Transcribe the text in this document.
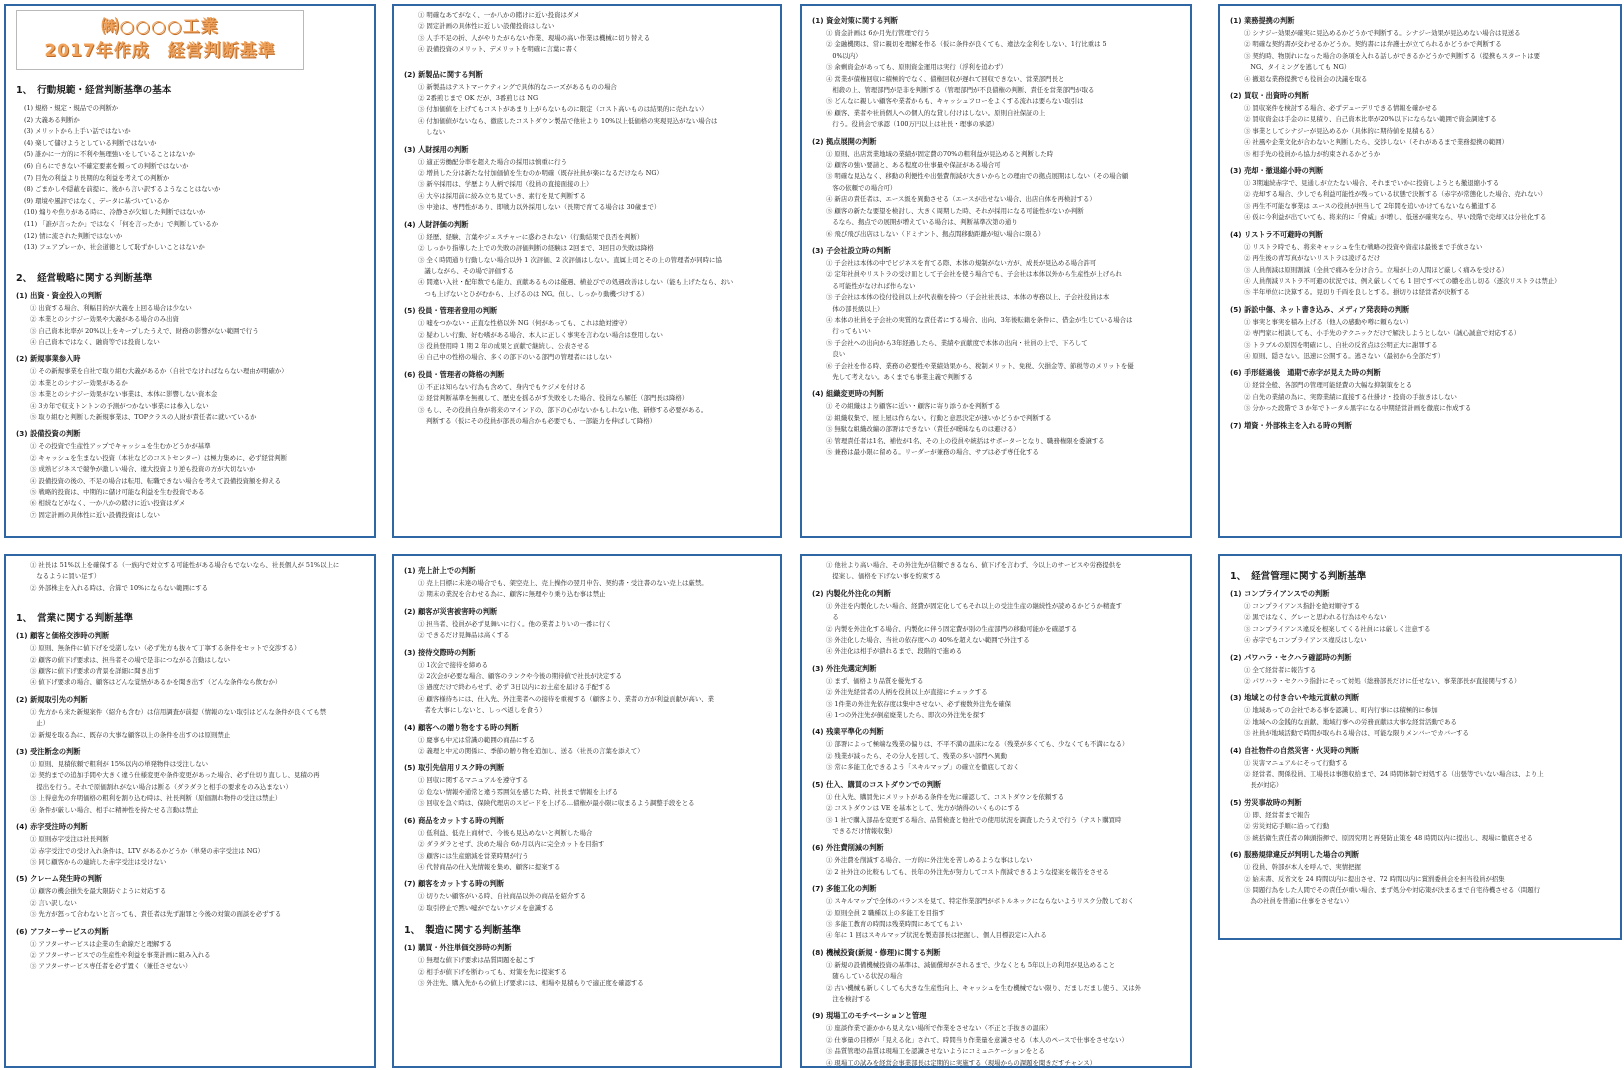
㈱○○○○工業
2017年作成　経営判断基準
1、　行動規範・経営判断基準の基本
(1) 規格・規定・規品での判断か
(2) 大義ある判断か
(3) メリットから上手い話ではないか
(4) 楽して儲けようとしている判断ではないか
(5) 誰かに一方的に不利や無理強いをしていることはないか
(6) 自らにできない不確定要素を頼っての判断ではないか
(7) 目先の利益より長期的な利益を考えての判断か
(8) ごまかしや隠蔽を前提に、後から言い訳するようなことはないか
(9) 環境や風評ではなく、データに基づいているか
(10) 煽りや焦りがある時に、冷静さが欠如した判断ではないか
(11) 「誰が言ったか」ではなく「何を言ったか」で判断しているか
(12) 情に流された判断ではないか
(13) フェアプレーか、社会道徳として恥ずかしいことはないか
2、　経営戦略に関する判断基準
(1) 出資・資金投入の判断
① 出資する場合、利幅目的が大義を上回る場合は少ない
② 本業とのシナジー効果や大義がある場合のみ出資
③ 自己資本比率が 20%以上をキープしたうえで、財務の影響がない範囲で行う
④ 自己資本ではなく、融資等では投資しない
(2) 新規事業参入時
① その新規事業を自社で取り組む大義があるか（自社でなければならない理由が明確か）
② 本業とのシナジー効果があるか
③ 本業とのシナジー効果がない事業は、本体に影響しない資本金
④ 3カ年で収支トントンの予測がつかない事業には参入しない
⑤ 取り組むと判断した新規事業は、TOPクラスの人財が責任者に就いているか
(3) 設備投資の判断
① その投資で生産性アップでキャッシュを生むかどうかが基準
② キャッシュを生まない投資（本社などのコストセンター）は極力集めに、必ず経営判断
③ 成熟ビジネスで競争が激しい場合、違大投資より逆も投資の方が大切ないか
④ 設備投資の後の、不足の場合は転用、転職できない場合を考えて設備投資額を抑える
⑤ 戦略的投資は、中期的に儲け可能な利益を生む投資である
⑥ 相続などがなく、一か八かの賭けに近い投資はダメ
⑦ 固定計画の具体性に近い設備投資はしない
① 明確なあてがなく、一か八かの賭けに近い投資はダメ
② 固定計画の具体性に近しい設備投資はしない
③ 人手不足の折、人がやりたがらない作業、現場の高い作業は機械に切り替える
④ 設備投資のメリット、デメリットを明確に言葉に書く
(2) 新製品に関する判断
① 新製品はテストマーケティングで具体的なニーズがあるものの場合
② 2番煎じまで OK だが、3番煎じは NG
③ 付加価値を上げてもコストがあまり上がらないものに限定（コスト高いものは結果的に売れない）
④ 付加価値がないなら、徹底したコストダウン製品で他社より 10%以上低価格の実現見込がない場合は
しない
(3) 人財採用の判断
① 適正労働配分率を超えた場合の採用は慎重に行う
② 増員した分は新たな付加価値を生むのか明確（既存社員が楽になるだけなら NG）
③ 新卒採用は、学歴より人柄で採用（役員の直接面接の上）
④ 大卒は採用前に絞み立ち見ていき、素行を見て判断する
⑤ 中途は、専門性があり、即戦力以外採用しない（長期で育てる場合は 30歳まで）
(4) 人財評価の判断
① 経歴、経験、言葉やジェスチャーに惑わされない（行動結果で良否を判断）
② しっかり指導した上での失敗の評価判断の経験は 2回まで、3回目の失敗は降格
③ 全く時間通り行動しない場合以外 1 次評価、2 次評価はしない。直属上司とその上の管理者が同時に協
　議しながら、その場で評価する
④ 間違い入社・配年数でも能力、貢献あるものは優遇、横並びでの処遇改善はしない（能も上げたなら、おい
　つも上げないとひがむから、上げるのは NG。但し、しっかり動機づけする）
(5) 役員・管理者登用の判断
① 嘘をつかない・正直な性格以外 NG（何があっても、これは絶対遵守）
② 疑わしい行動、好む嗜がある場合、本人に正しく事実を言わない場合は登用しない
③ 役員登用時 1 期 2 年の成果と貢献で継続し、公表させる
④ 自己中の性格の場合、多くの部下のいる部門の管理者にはしない
(6) 役員・管理者の降格の判断
① 不正は知らない行為も含めて、身内でもケジメを付ける
② 経営判断基準を無視して、歴史を揺るがす失敗をした場合、役員なら解任（部門長は降格）
③ もし、その役員自身が将来のマインドの、部下の心がないかもしれない他、研修する必要がある。
判断する（仮にその役員が部長の場合かも必要でも、一部能力を伸ばして降格）
(1) 資金対策に関する判断
① 資金計画は 6か月先行管理で行う
② 金融機関は、常に親切を理解を作る（仮に条件が良くても、違法な金利をしない、1行比重は 5
　0%以内）
③ 余剰資金があっても、原則資金運用は実行（浮利を追わず）
④ 営業が債権回収に積極的でなく、債権回収が遅れて回収できない、営業部門長と
　相殺の上、管理部門が是非を判断する（管理部門が不良債権の判断、責任を営業部門が取る
⑤ どんなに親しい顧客や業者からも、キャッシュフローをよくする流れは要らない取引は
⑥ 顧客、業者や社員個人への個人的な貸し付けはしない。原則自社保証の上
　行う。役員会で承認（100万円以上は社長・理事の承認）
(2) 拠点展開の判断
① 原則、出店営業地域の業績が固定費の70%の粗利益が見込めると判断した時
② 顧客の強い要請と、ある程度の仕事量や保証がある場合可
③ 明確な見込なく、移動の利便性や出張費削減が大きいからとの理由での拠点展開はしない（その場合顧
　客の依頼での場合可）
④ 新店の責任者は、エース級を異動させる（エースが出せない場合、出店自体を再検討する）
⑤ 顧客の新たな要望を検討し、大きく周期した時、それが採用になる可能性がないか判断
　るなら、拠点での展開が増えている場合は、判断基準次第の通り
⑥ 飛び飛び出店はしない（ドミナント、拠点間移動距離が短い場合に限る）
(3) 子会社設立時の判断
① 子会社は本体の中でビジネスを育てる際、本体の規制がない方が、成長が見込める場合許可
② 定年社員やリストラの受け皿として子会社を使う場合でも、子会社は本体以外から生産性が上げられ
　る可能性がなければ作らない
③ 子会社は本体の役付役員以上が代表権を持つ（子会社社長は、本体の専務以上、子会社役員は本
　体の部長級以上）
④ 本体の社員を子会社の実質的な責任者にする場合、出向、3年後転籍を条件に、借金が生じている場合は
　行ってもいい
⑤ 子会社への出向から3年経過したら、業績や貢献度で本体の出向・社員の上で、下ろして
　良い
⑥ 子会社を作る時、業務の必要性や業績効果から、税制メリット、免税、欠損金等、節税等のメリットを優
　先して考えない。あくまでも事業主義で判断する
(4) 組織変更時の判断
① その組織はより顧客に近い・顧客に寄り添うかを判断する
② 組織収集で、屋上屋は作らない。行動と意思決定が速いかどうかで判断する
③ 無駄な組織改編の部署はできない（責任が曖昧なものは避ける）
④ 管理責任者は1名、補佐が1名、その上の役員や統括はサポーターとなり、職務権限を委譲する
⑤ 兼務は最小限に留める。リーダーが兼務の場合、サブは必ず専任化する
(1) 業務提携の判断
① シナジー効果が確実に見込めるかどうかで判断する。シナジー効果が見込めない場合は見送る
② 明確な契約書が交わせるかどうか。契約書には弁護士が立てられるかどうかで判断する
③ 契約時、物別れになった場合の条項を入れる話しができるかどうかで判断する（提携もスタートは要
　NG、タイミングを逃しても NG）
④ 撤退な業務提携でも役員会の決議を取る
(2) 買収・出資時の判断
① 買収案件を検討する場合、必ずデューデリできる情報を確かせる
② 買収資金は手金のに見積り、自己資本比率が20%以下にならない範囲で資金調達する
③ 事業としてシナジーが見込めるか（具体的に期待値を見積もる）
④ 社風や企業文化が合わないと判断したら、交渉しない（それがあるまで業務提携の範囲）
⑤ 相手先の役員から協力が約束されるかどうか
(3) 売却・撤退縮小時の判断
① 3期連続赤字で、見通しが立たない場合、それまでいかに投資しようとも撤退縮小する
② 売却する場合、少しでも利益可能性が残っている状態で決断する（赤字が常態化した場合、売れない）
③ 再生不可能な事業は エースの役員が担当して 2年間を追いかけてもないなら撤退する
④ 仮に今利益が出ていても、将来的に「脅威」が増し、低迷が確実なら、早い段階で売却又は分社化する
(4) リストラ不可避時の判断
① リストラ時でも、将来キャッシュを生む戦略の投資や資産は最後まで手放さない
② 再生後の青写真がないリストラは凌げるだけ
③ 人員削減は原則割減（全員で痛みを分け合う。立場が上の人間ほど厳しく痛みを受ける）
④ 人員削減リストラ不可避の状況では、例え厳しくても 1 回ですべての膿を出し切る（逐次リストラは禁止）
⑤ 半年単位に決算する。見切り千両を良しとする。損切りは経営者が決断する
(5) 訴訟中傷、ネット書き込み、メディア発表時の判断
① 事実と事実を積み上げる（他人の感動や噂に頼らない）
② 専門家に相談しても、小手先のテクニックだけで解決しようとしない（誠心誠意で対応する）
③ トラブルの原因を明確にし、自社の反省点は公明正大に謝罪する
④ 原則、隠さない。迅速に公開する。逃さない（最初から全部だす）
(6) 手形経過後　通期で赤字が見えた時の判断
① 経営全般、各部門の管理可能経費の大幅な抑制策をとる
② 自先の業績の為に、実際業績に直接する仕掛け・投資の手抜きはしない
③ 分かった段階で 3 か年でトータル黒字になる中期経営計画を徹底に作成する
(7) 増資・外部株主を入れる時の判断
① 社長は 51%以上を確保する（一族内で対立する可能性がある場合もでないなら、社長個人が 51%以上に
　なるように買い足す）
② 外部株主を入れる時は、合算で 10%にならない範囲にする
1、　営業に関する判断基準
(1) 顧客と価格交渉時の判断
① 原則、無条件に値下げを受諾しない（必ず先方も抜々て丁寧する条件をセットで交渉する）
② 顧客の値下げ要求は、担当者その場で是非につながる言動はしない
③ 顧客に値下げ要求の背景を詳細に聞き出す
④ 値下げ要求の場合、顧客はどんな覚悟があるかを聞き出す（どんな条件なら飲むか）
(2) 新規取引先の判断
① 先方から来た新規案件（紹介も含む）は信用調査が前提（情報のない取引はどんな条件が良くても禁
　止）
② 新規を取る為に、既存の大事な顧客以上の条件を出すのは原則禁止
(3) 受注断念の判断
① 原則、見積依頼で粗利が 15%以内の単発物件は受注しない
② 契約までの追加手間や大きく違う仕様変更や条件変更があった場合、必ず仕切り直しし、見積の再
　提出を行う。それで原価割れがない場合は断る（ダラダラと相手の要求をのみ込まない）
③ 上得意先の弁明価格の粗利を割り込む時は、社長判断（原価割れ物件の受注は禁止）
④ 条件が厳しい場合、相手に精神性を持たせる言動は禁止
(4) 赤字受注時の判断
① 原則赤字受注は社長判断
② 赤字受注での受け入れ条件は、LTV があるかどうか（単発の赤字受注は NG）
③ 同じ顧客からの連続した赤字受注は受けない
(5) クレーム発生時の判断
① 顧客の機会損失を最大限防ぐように対応する
② 言い訳しない
③ 先方が怒って合わないと言っても、責任者は先ず謝罪と今後の対策の面談を必ずする
(6) アフターサービスの判断
① アフターサービスは企業の生命線だと理解する
② アフターサービスでの生産性や利益を事業計画に組み入れる
③ アフターサービス専任者を必ず置く（兼任させない）
(1) 売上計上での判断
① 売上目標に未達の場合でも、架空売上、売上操作の翌月申告、契約書・受注書のない売上は厳禁。
② 期末の業況を合わせる為に、顧客に無理やり乗り込む事は禁止
(2) 顧客が災害被害時の判断
① 担当者、役員が必ず見舞いに行く。他の業者よりいの一番に行く
② できるだけ見舞品は高くする
(3) 接待交際時の判断
① 1次会で接待を締める
② 2次会が必要な場合、顧客のランクや今後の期待値で社長が決定する
③ 過度だけで終わらせず、必ず 3日以内にお土産を届ける手配する
④ 顧客様待ちには、仕入先、外注業者への接待を重視する（顧客より、業者の方が利益貢献が高い、業
　者を大事にしないと、しっぺ返しを食う）
(4) 顧客への贈り物をする時の判断
① 慶事も中元は常識の範囲の商品にする
② 義理と中元の関係に、季節の贈り物を追加し、送る（社長の言葉を添えて）
(5) 取引先信用リスク時の判断
① 回収に関するマニュアルを遵守する
② 危ない情報や通常と違う雰囲気を感じた時、社長まで情報を上げる
③ 回収を急ぐ時は、保険代理店のスピードを上げる…債権が最小限に収まるよう調整手段をとる
(6) 商品をカットする時の判断
① 低利益、低売上商材で、今後も見込めないと判断した場合
② ダラダラとせず、決めた場合 6か月以内に完全カットを目指す
③ 顧客には生産縮減を営業時期が行う
④ 代替商品の仕入先情報を集め、顧客に提案する
(7) 顧客をカットする時の判断
① 切りたい顧客がいる時、自社商品以外の商品を紹介する
② 取引停止で黙い嘘がでないケジメを意識する
1、　製造に関する判断基準
(1) 購買・外注単価交渉時の判断
① 無理な値下げ要求は品質問題を起こす
② 相手が値下げを断わっても、対策を先に提案する
③ 外注先、購入先からの値上げ要求には、相場や見積もりで適正度を確認する
① 他社より高い場合、その外注先が信頼できるなら、値下げを言わず、今以上のサービスや労務提供を
　提案し、価格を下げない事を約束する
(2) 内製化外注化の判断
① 外注を内製化したい場合、経費が固定化してもそれ以上の受注生産の継続性が読めるかどうか精査す
　る
② 内製を外注化する場合、内製化に伴う固定費が別の生産部門の移動可能かを確認する
③ 外注化した場合、当社の依存度への 40%を超えない範囲で外注する
④ 外注化は相手が潰れるまで、段階的で進める
(3) 外注先選定判断
① まず、価格より品質を優先する
② 外注先経営者の人柄を役員以上が直接にチェックする
③ 1件業の外注先依存度は集中させない、必ず複数外注先を確保
④ 1つの外注先が倒産廃業したら、即次の外注先を探す
(4) 残業平準化の判断
① 部署によって極端な残業の偏りは、不平不満の温床になる（残業が多くても、少なくても不満になる）
② 残業が減ったら、その分人を回して、残業の多い部門へ異動
③ 常に多能工化できるよう「スキルマップ」の確立を徹底しておく
(5) 仕入、購買のコストダウンでの判断
① 仕入先、購買先にメリットがある条件を先に確認して、コストダウンを依頼する
② コストダウンは VE を基本として、先方が納得のいくものにする
③ 1 社で購入部品を変更する場合、品質検査と他社での使用状況を調査したうえで行う（テスト購買時
　できるだけ情報収集）
(6) 外注費削減の判断
① 外注費を削減する場合、一方的に外注先を苦しめるような事はしない
② 2 社外注の比較もしても、長年の外注先が努力してコスト削減できるような提案を報告をさせる
(7) 多能工化の判断
① スキルマップで全体のバランスを見て、特定作業部門がボトルネックにならないようリスク分散しておく
② 原則全員 2 職種以上の多能工を目指す
③ 多能工教育の時間は残業時間にあててもよい
④ 年に 1 回はスキルマップ状況を製造部長は把握し、個人目標設定に入れる
(8) 機械投資(新規・修理)に関する判断
① 新規の設備機械投資の基準は、減価償却がされるまで、少なくとも 5年以上の利用が見込めること
　随らしている状況の場合
② 古い機械も新しくしても大きな生産性向上、キャッシュを生む機械でない限り、だましだまし使う、又は外
　注を検討する
(9) 現場工のモチベーションと管理
① 座談作業で誰かから見えない場所で作業をさせない（不正と手抜きの温床）
② 仕事量の目標が「見える化」されて、時間当り作業量を意識させる（本人のペースで仕事をさせない）
③ 品質管理の品質は現場工を認識させないようにコミュニケーションをとる
④ 現場工の試みを経営会事業部長は定期的に実施する（現場からの課題を聞きだすチャンス）
1、　経営管理に関する判断基準
(1) コンプライアンスでの判断
① コンプライアンス指針を絶対順守する
② 黒ではなく、グレーと思われる行為はやらない
③ コンプライアンス違反を根案してくる社員には厳しく注意する
④ 赤字でもコンプライアンス違反はしない
(2) パワハラ・セクハラ確認時の判断
① 全て経営者に報告する
② パワハラ・セクハラ指針にそって対処（総務部長だけに任せない、事業部長が直接関与する）
(3) 地域との付き合いや地元貢献の判断
① 地域あっての会社である事を認識し、町内行事には積極的に参加
② 地域への金銭的な貢献、地域行事への労務貢献は大事な経営活動である
③ 社員が地域活動で時間が取られる場合は、可能な限りメンバーでカバーする
(4) 自社物件の自然災害・火災時の判断
① 災害マニュアルにそって行動する
② 経営者、関係役員、工場長は事態収拾まで、24 時間体制で対処する（出張等でいない場合は、より上
　長が対応）
(5) 労災事故時の判断
① 即、経営者まで報告
② 労災対応手順に沿って行動
③ 統括衛生責任者の陣頭指揮で、原因究明と再発防止策を 48 時間以内に提出し、現場に徹底させる
(6) 服務規律違反が判明した場合の判断
① 役員、幹部が本人を呼んで、実情把握
② 始末書、反省文を 24 時間以内に提出させ、72 時間以内に賞罰委員会を担当役員が招集
③ 問題行為をした人間でその責任が重い場合、まず処分や対応策が決まるまで自宅待機させる（問題行
　為の社員を普通に仕事をさせない）
